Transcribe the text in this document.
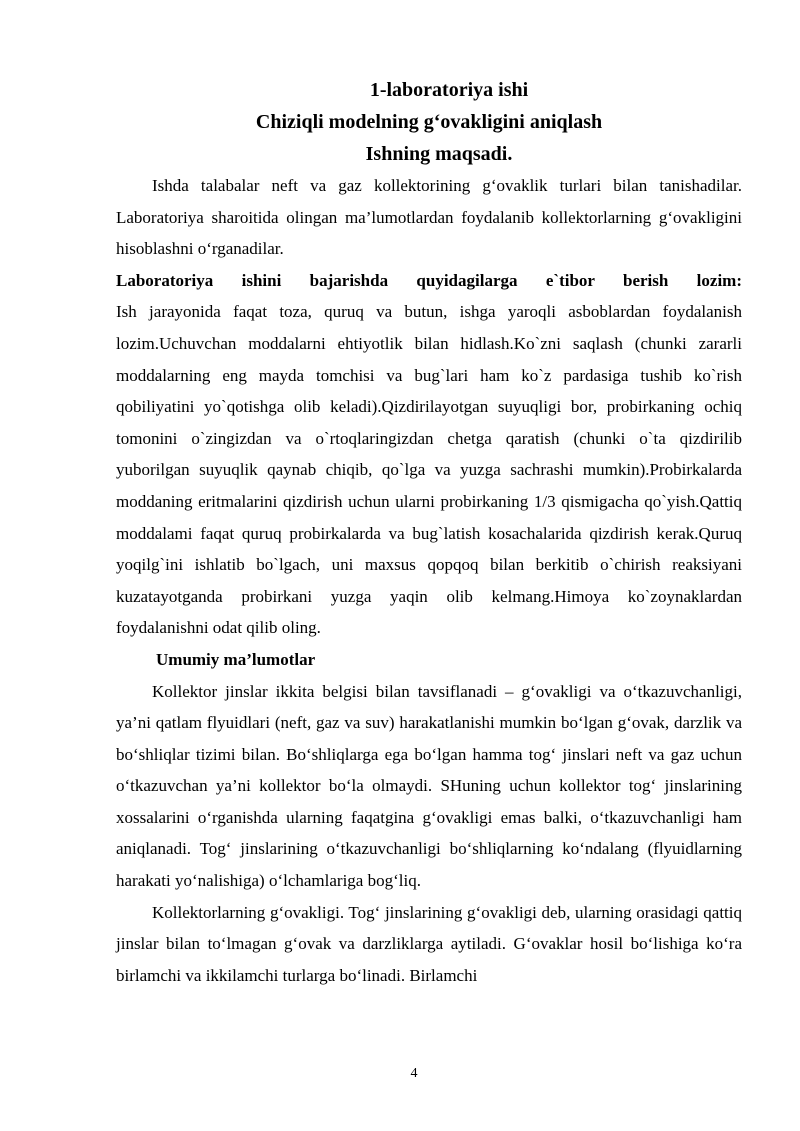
1-laboratoriya ishi

Chiziqli modelning g‘ovakligini aniqlash

Ishning maqsadi.

Ishda talabalar neft va gaz kollektorining g‘ovaklik turlari bilan tanishadilar. Laboratoriya sharoitida olingan ma’lumotlardan foydalanib kollektorlarning g‘ovakligini hisoblashni o‘rganadilar.

Laboratoriya ishini bajarishda quyidagilarga e`tibor berish lozim:

Ish jarayonida faqat toza, quruq va butun, ishga yaroqli asboblardan foydalanish lozim.Uchuvchan moddalarni ehtiyotlik bilan hidlash.Ko`zni saqlash (chunki zararli moddalarning eng mayda tomchisi va bug`lari ham ko`z pardasiga tushib ko`rish qobiliyatini yo`qotishga olib keladi).Qizdirilayotgan suyuqligi bor, probirkaning ochiq tomonini o`zingizdan va o`rtoqlaringizdan chetga qaratish (chunki o`ta qizdirilib yuborilgan suyuqlik qaynab chiqib, qo`lga va yuzga sachrashi mumkin).Probirkalarda moddaning eritmalarini qizdirish uchun ularni probirkaning 1/3 qismigacha qo`yish.Qattiq moddalami faqat quruq probirkalarda va bug`latish kosachalarida qizdirish kerak.Quruq yoqilg`ini ishlatib bo`lgach, uni maxsus qopqoq bilan berkitib o`chirish reaksiyani kuzatayotganda probirkani yuzga yaqin olib kelmang.Himoya ko`zoynaklardan foydalanishni odat qilib oling.

Umumiy ma’lumotlar

Kollektor jinslar ikkita belgisi bilan tavsiflanadi – g‘ovakligi va o‘tkazuvchanligi, ya’ni qatlam flyuidlari (neft, gaz va suv) harakatlanishi mumkin bo‘lgan g‘ovak, darzlik va bo‘shliqlar tizimi bilan. Bo‘shliqlarga ega bo‘lgan hamma tog‘ jinslari neft va gaz uchun o‘tkazuvchan ya’ni kollektor bo‘la olmaydi. SHuning uchun kollektor tog‘ jinslarining xossalarini o‘rganishda ularning faqatgina g‘ovakligi emas balki, o‘tkazuvchanligi ham aniqlanadi. Tog‘ jinslarining o‘tkazuvchanligi bo‘shliqlarning ko‘ndalang (flyuidlarning harakati yo‘nalishiga) o‘lchamlariga bog‘liq.

Kollektorlarning g‘ovakligi. Tog‘ jinslarining g‘ovakligi deb, ularning orasidagi qattiq jinslar bilan to‘lmagan g‘ovak va darzliklarga aytiladi. G‘ovaklar hosil bo‘lishiga ko‘ra birlamchi va ikkilamchi turlarga bo‘linadi. Birlamchi

4
